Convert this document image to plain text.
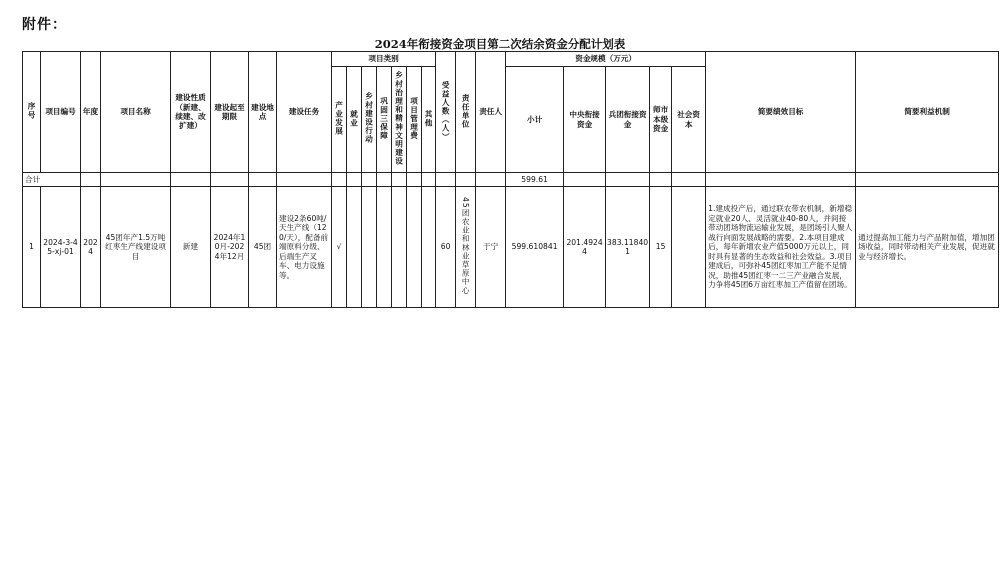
附件：
2024年衔接资金项目第二次结余资金分配计划表
序号	项目编号	年度	项目名称	建设性质（新建、续建、改扩建）	建设起至期限	建设地点	建设任务	项目类别							受益人数（人）	责任单位	责任人	资金规模（万元）					简要绩效目标	简要利益机制
								产业发展	就业	乡村建设行动	巩固三保障	乡村治理和精神文明建设	项目管理费	其他				小计	中央衔接资金	兵团衔接资金	师市本级资金	社会资本		
合计																		599.61						
1	2024-3-45-xj-01	2024	45团年产1.5万吨红枣生产线建设项目	新建	2024年10月-2024年12月	45团	建设2条60吨/天生产线（120/天），配备前端原料分级、后端生产叉车、电力设施等。	√							60	45团农业和林业草原中心	于宁	599.610841	201.49244	383.118401	15		1.建成投产后，通过联农带农机制，新增稳定就业20人、灵活就业40-80人，并间接带动团场物流运输业发展，是团场引人聚人战行向面发展战略的需要。2.本项目建成后，每年新增农业产值5000万元以上，同时具有显著的生态效益和社会效益。3.项目建成后，可弥补45团红枣加工产能不足情况，助推45团红枣一二三产业融合发展，力争将45团6万亩红枣加工产值留在团场。	通过提高加工能力与产品附加值，增加团场收益，同时带动相关产业发展，促进就业与经济增长。
